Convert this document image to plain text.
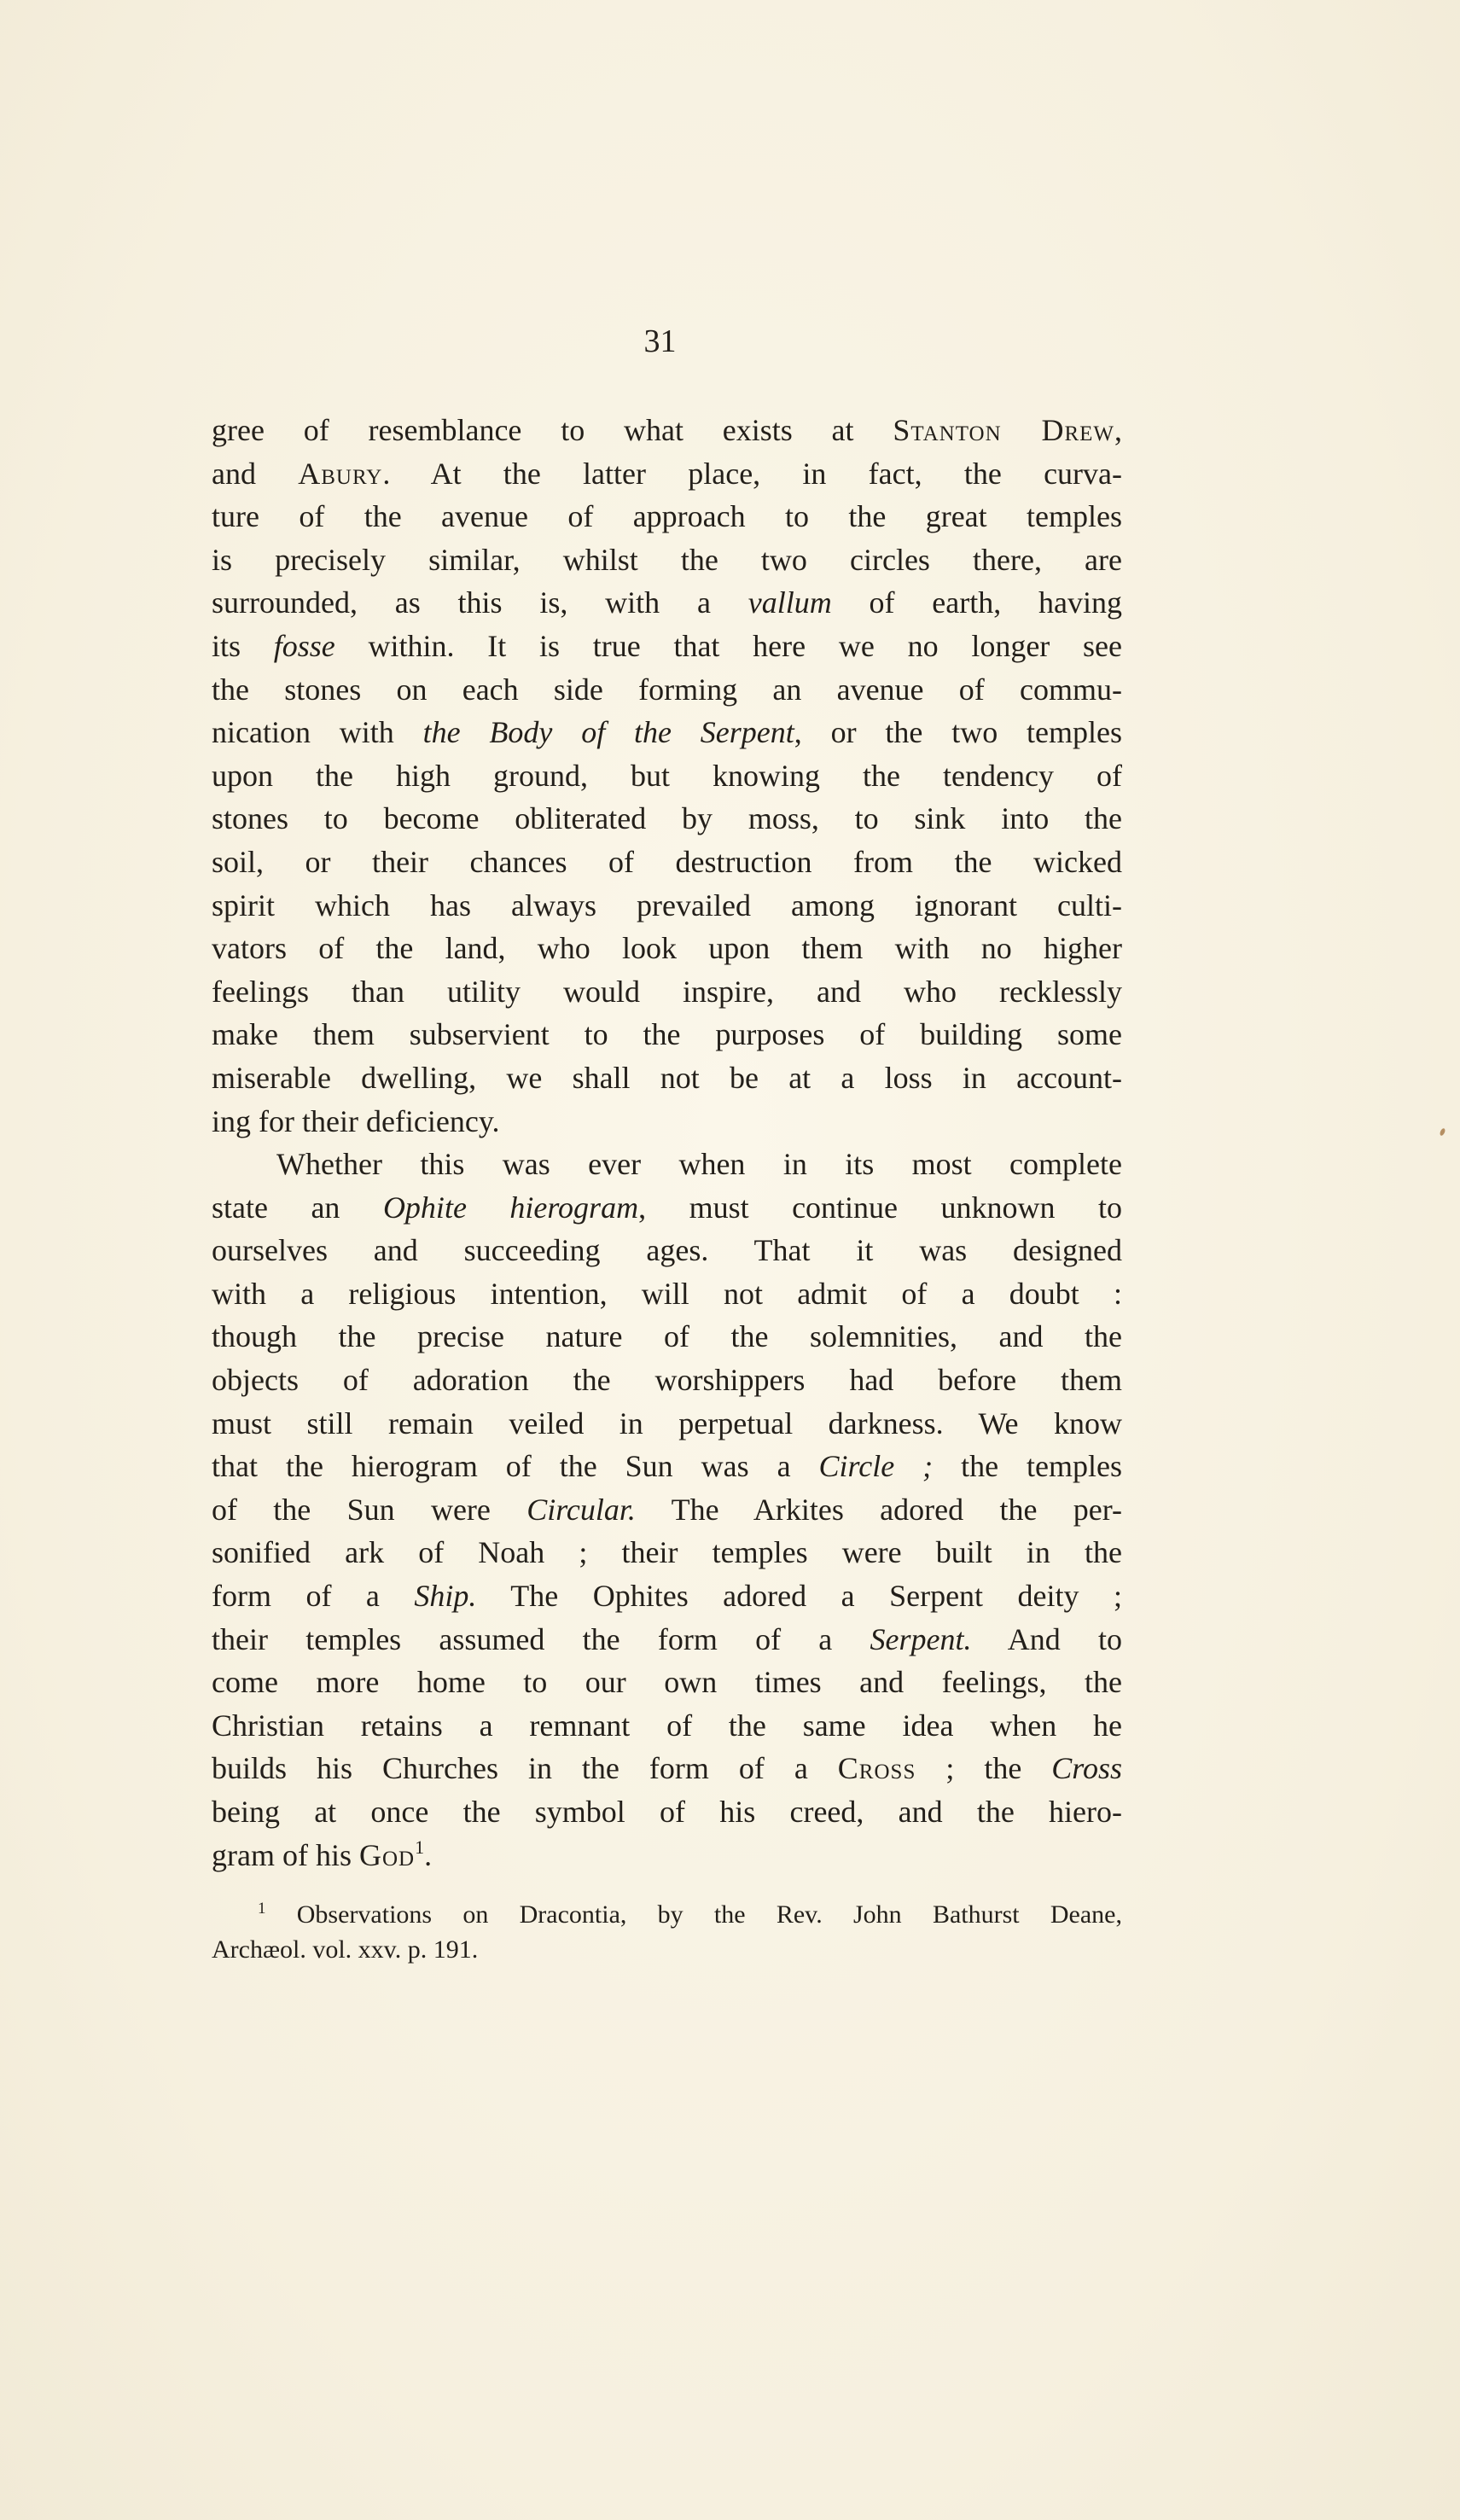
31
gree of resemblance to what exists at Stanton Drew,
and Abury. At the latter place, in fact, the curva-
ture of the avenue of approach to the great temples
is precisely similar, whilst the two circles there, are
surrounded, as this is, with a vallum of earth, having
its fosse within. It is true that here we no longer see
the stones on each side forming an avenue of commu-
nication with the Body of the Serpent, or the two temples
upon the high ground, but knowing the tendency of
stones to become obliterated by moss, to sink into the
soil, or their chances of destruction from the wicked
spirit which has always prevailed among ignorant culti-
vators of the land, who look upon them with no higher
feelings than utility would inspire, and who recklessly
make them subservient to the purposes of building some
miserable dwelling, we shall not be at a loss in account-
ing for their deficiency.
Whether this was ever when in its most complete
state an Ophite hierogram, must continue unknown to
ourselves and succeeding ages. That it was designed
with a religious intention, will not admit of a doubt :
though the precise nature of the solemnities, and the
objects of adoration the worshippers had before them
must still remain veiled in perpetual darkness. We know
that the hierogram of the Sun was a Circle ; the temples
of the Sun were Circular. The Arkites adored the per-
sonified ark of Noah ; their temples were built in the
form of a Ship. The Ophites adored a Serpent deity ;
their temples assumed the form of a Serpent. And to
come more home to our own times and feelings, the
Christian retains a remnant of the same idea when he
builds his Churches in the form of a Cross ; the Cross
being at once the symbol of his creed, and the hiero-
gram of his God$^1$.
$^1$ Observations on Dracontia, by the Rev. John Bathurst Deane,
Archæol. vol. xxv. p. 191.
